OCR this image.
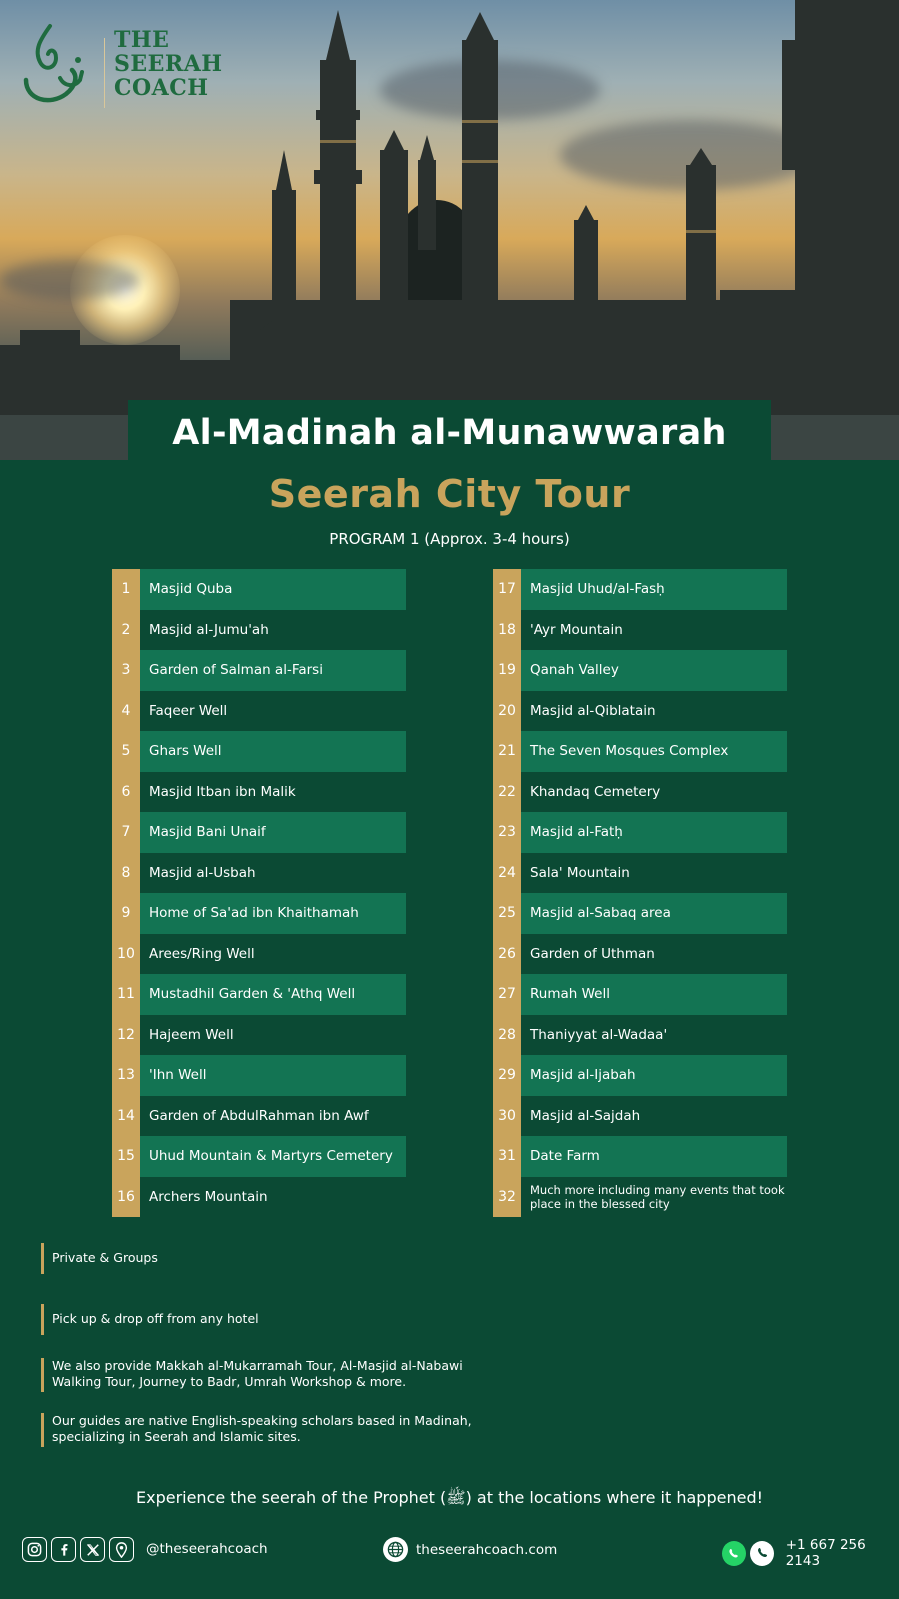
THE
SEERAH
COACH
Al-Madinah al-Munawwarah
Seerah City Tour
PROGRAM 1 (Approx. 3-4 hours)
1	Masjid Quba
2	Masjid al-Jumu'ah
3	Garden of Salman al-Farsi
4	Faqeer Well
5	Ghars Well
6	Masjid Itban ibn Malik
7	Masjid Bani Unaif
8	Masjid al-Usbah
9	Home of Sa'ad ibn Khaithamah
10	Arees/Ring Well
11	Mustadhil Garden & 'Athq Well
12	Hajeem Well
13	'Ihn Well
14	Garden of AbdulRahman ibn Awf
15	Uhud Mountain & Martyrs Cemetery
16	Archers Mountain
17	Masjid Uhud/al-Fasḥ
18	'Ayr Mountain
19	Qanah Valley
20	Masjid al-Qiblatain
21	The Seven Mosques Complex
22	Khandaq Cemetery
23	Masjid al-Fatḥ
24	Sala' Mountain
25	Masjid al-Sabaq area
26	Garden of Uthman
27	Rumah Well
28	Thaniyyat al-Wadaa'
29	Masjid al-Ijabah
30	Masjid al-Sajdah
31	Date Farm
32	Much more including many events that took place in the blessed city
Private & Groups
Pick up & drop off from any hotel
We also provide Makkah al-Mukarramah Tour, Al-Masjid al-Nabawi
Walking Tour, Journey to Badr, Umrah Workshop & more.
Our guides are native English-speaking scholars based in Madinah,
specializing in Seerah and Islamic sites.
Experience the seerah of the Prophet (ﷺ) at the locations where it happened!
@theseerahcoach	theseerahcoach.com	+1 667 256 2143
